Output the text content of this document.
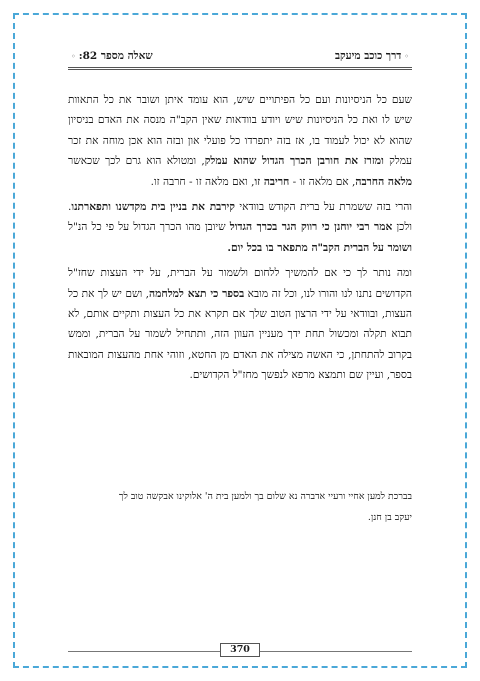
◦דרך כוכב מיעקב
שאלה מספר 82:◦

שעם כל הניסיונות ועם כל הפיתויים שיש, הוא עומד איתן ושובר את כל התאוות שיש לו ואת כל הניסיונות שיש ויודע בוודאות שאין הקב"ה מנסה את האדם בניסיון שהוא לא יכול לעמוד בו, אז בזה יתפרדו כל פועלי און ובזה הוא אכן מוחה את זכר עמלק ומזרז את חורבן הכרך הגדול שהוא עמלק, ומטולא הוא גרם לכך שכאשר מלאה החרבה, אם מלאה זו - חריבה זו, ואם מלאה זו - חרבה זו.

והרי בזה ששמרת על ברית הקודש בוודאי קירבת את בניין בית מקדשנו ותפארתנו. ולכן אמר רבי יוחנן כי רווק הגר בכרך הגדול שיובן מהו הכרך הגדול על פי כל הנ"ל ושומר על הברית הקב"ה מתפאר בו בכל יום.

ומה נותר לך כי אם להמשיך ללחום ולשמור על הברית, על ידי העצות שחז"ל הקדושים נתנו לנו והורו לנו, וכל זה מובא בספר כי תצא למלחמה, ושם יש לך את כל העצות, ובוודאי על ידי הרצון הטוב שלך אם תקרא את כל העצות ותקיים אותם, לא תבוא תקלה ומכשול תחת ידך מעניין העוון הזה, ותתחיל לשמור על הברית, וממש בקרוב להתחתן, כי האשה מצילה את האדם מן החטא, וזוהי אחת מהעצות המובאות בספר, ועיין שם ותמצא מרפא לנפשך מחז"ל הקדושים.

בברכת למען אחיי ורעיי אדברה נא שלום בך ולמען בית ה' אלוקינו אבקשה טוב לך
יעקב בן חנן.
370
